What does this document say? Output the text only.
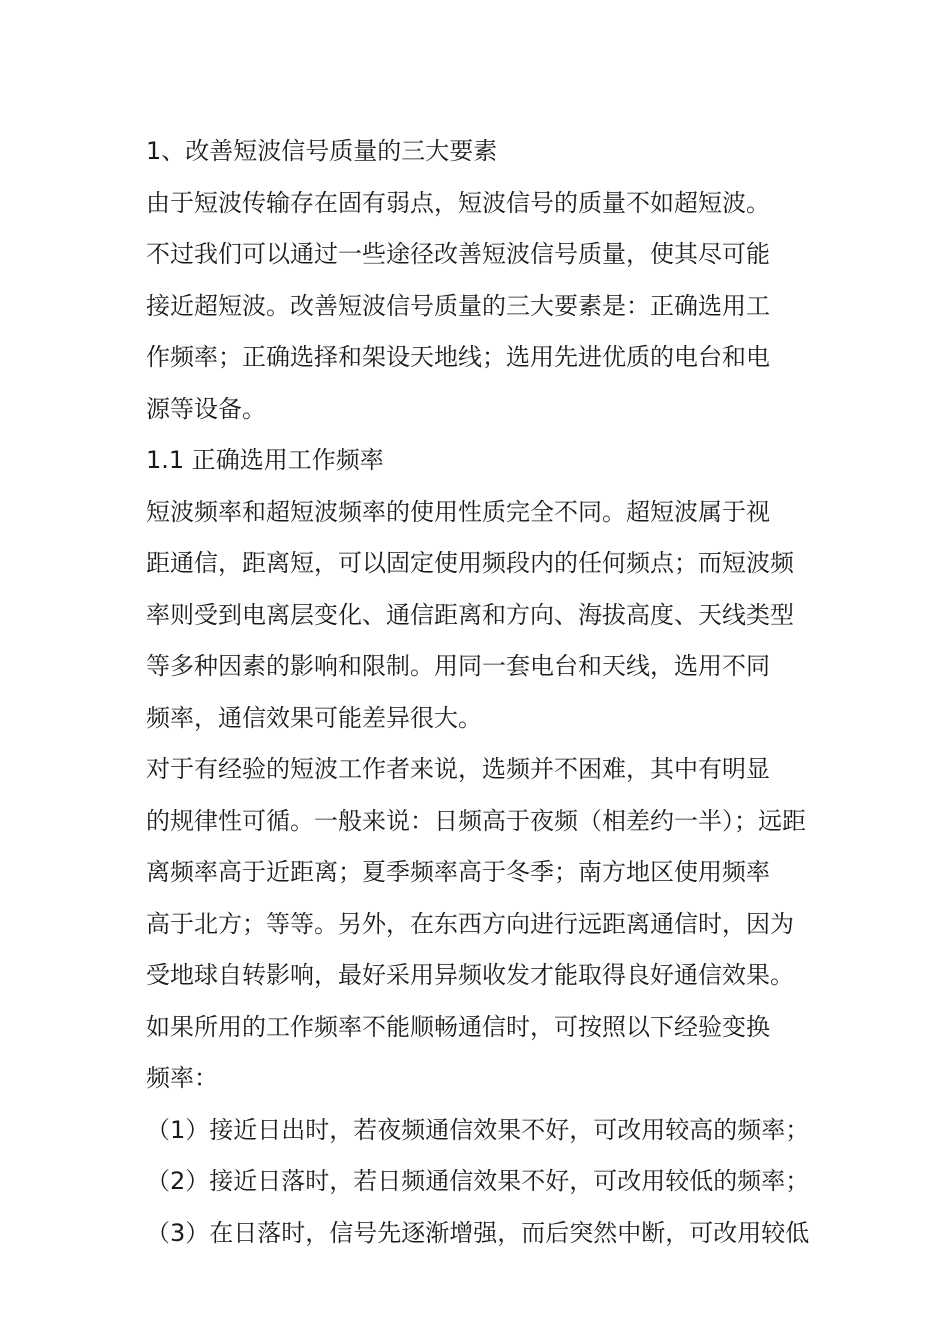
1、改善短波信号质量的三大要素

由于短波传输存在固有弱点，短波信号的质量不如超短波。

不过我们可以通过一些途径改善短波信号质量，使其尽可能

接近超短波。改善短波信号质量的三大要素是：正确选用工

作频率；正确选择和架设天地线；选用先进优质的电台和电

源等设备。

1.1 正确选用工作频率

短波频率和超短波频率的使用性质完全不同。超短波属于视

距通信，距离短，可以固定使用频段内的任何频点；而短波频

率则受到电离层变化、通信距离和方向、海拔高度、天线类型

等多种因素的影响和限制。用同一套电台和天线，选用不同

频率，通信效果可能差异很大。

对于有经验的短波工作者来说，选频并不困难，其中有明显

的规律性可循。一般来说：日频高于夜频（相差约一半）；远距

离频率高于近距离；夏季频率高于冬季；南方地区使用频率

高于北方；等等。另外，在东西方向进行远距离通信时，因为

受地球自转影响，最好采用异频收发才能取得良好通信效果。

如果所用的工作频率不能顺畅通信时，可按照以下经验变换

频率：

（1）接近日出时，若夜频通信效果不好，可改用较高的频率；

（2）接近日落时，若日频通信效果不好，可改用较低的频率；

（3）在日落时，信号先逐渐增强，而后突然中断，可改用较低
